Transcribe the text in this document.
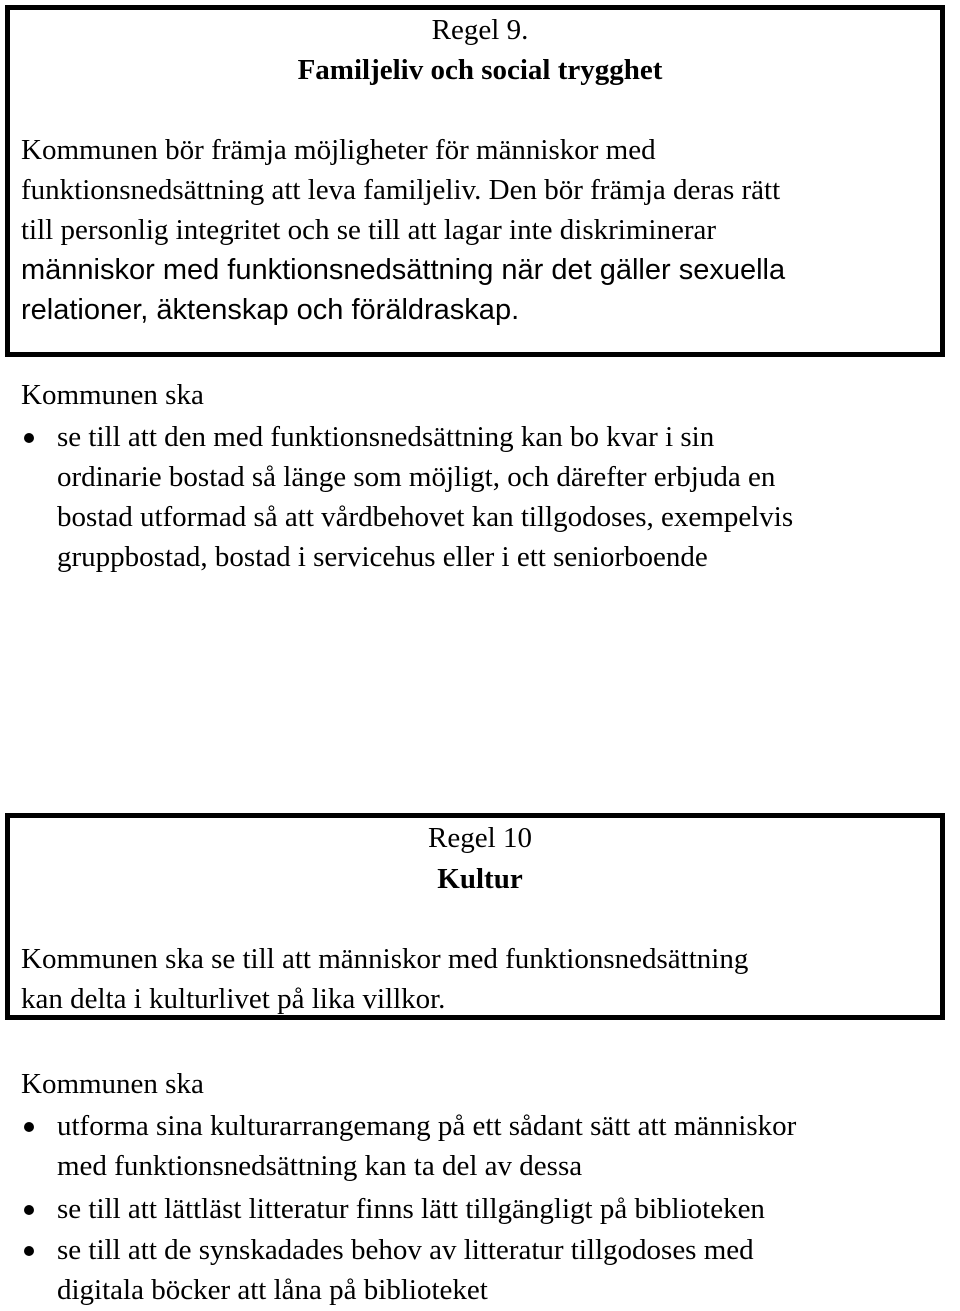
Regel 9.
Familjeliv och social trygghet
Kommunen bör främja möjligheter för människor med
funktionsnedsättning att leva familjeliv. Den bör främja deras rätt
till personlig integritet och se till att lagar inte diskriminerar
människor med funktionsnedsättning när det gäller sexuella
relationer, äktenskap och föräldraskap.
Kommunen ska
se till att den med funktionsnedsättning kan bo kvar i sin
ordinarie bostad så länge som möjligt, och därefter erbjuda en
bostad utformad så att vårdbehovet kan tillgodoses, exempelvis
gruppbostad, bostad i servicehus eller i ett seniorboende
Regel 10
Kultur
Kommunen ska se till att människor med funktionsnedsättning
kan delta i kulturlivet på lika villkor.
Kommunen ska
utforma sina kulturarrangemang på ett sådant sätt att människor
med funktionsnedsättning kan ta del av dessa
se till att lättläst litteratur finns lätt tillgängligt på biblioteken
se till att de synskadades behov av litteratur tillgodoses med
digitala böcker att låna på biblioteket
